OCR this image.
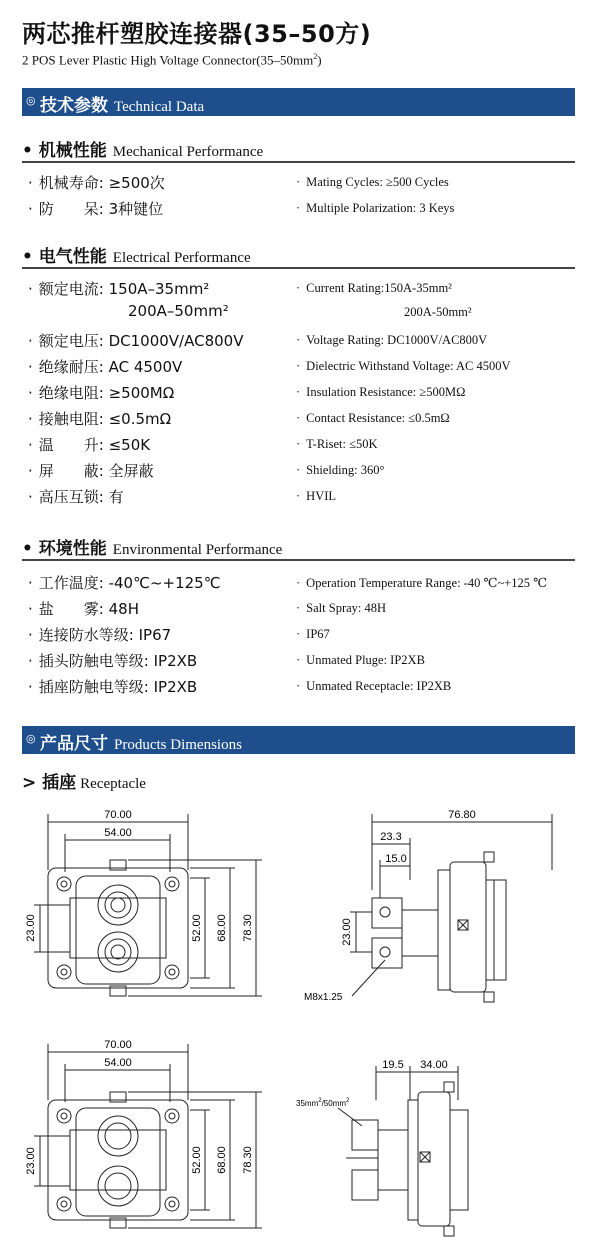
两芯推杆塑胶连接器(35–50方)
2 POS Lever Plastic High Voltage $Connector(35-50mm^2)$
◎ 技术参数 Technical Data
• 机械性能 Mechanical Performance
· 机械寿命: ≥500次	· Mating Cycles: ≥500 Cycles
· 防　　呆: 3种键位	· Multiple Polarization: 3 Keys
• 电气性能 Electrical Performance
· 额定电流: 150A–35mm²	· Current Rating:150A-35mm²
200A–50mm²	200A-50mm²
· 额定电压: DC1000V/AC800V	· Voltage Rating: DC1000V/AC800V
· 绝缘耐压: AC 4500V	· Dielectric Withstand Voltage: AC 4500V
· 绝缘电阻: ≥500MΩ	· Insulation Resistance: ≥500MΩ
· 接触电阻: ≤0.5mΩ	· Contact Resistance: ≤0.5mΩ
· 温　　升: ≤50K	· T-Riset: ≤50K
· 屏　　蔽: 全屏蔽	· Shielding: 360°
· 高压互锁: 有	· HVIL
• 环境性能 Environmental Performance
· 工作温度: -40℃~+125℃	· Operation Temperature Range: -40 ℃~+125 ℃
· 盐　　雾: 48H	· Salt Spray: 48H
· 连接防水等级: IP67	· IP67
· 插头防触电等级: IP2XB	· Unmated Pluge: IP2XB
· 插座防触电等级: IP2XB	· Unmated Receptacle: IP2XB
◎ 产品尺寸 Products Dimensions
> 插座 Receptacle
70.00
54.00
23.00	52.00 68.00 78.30
76.80
23.3
15.0
23.00
M8x1.25
70.00
54.00
23.00	52.00 68.00 78.30
19.5 34.00
$35mm^2/50mm^2$
